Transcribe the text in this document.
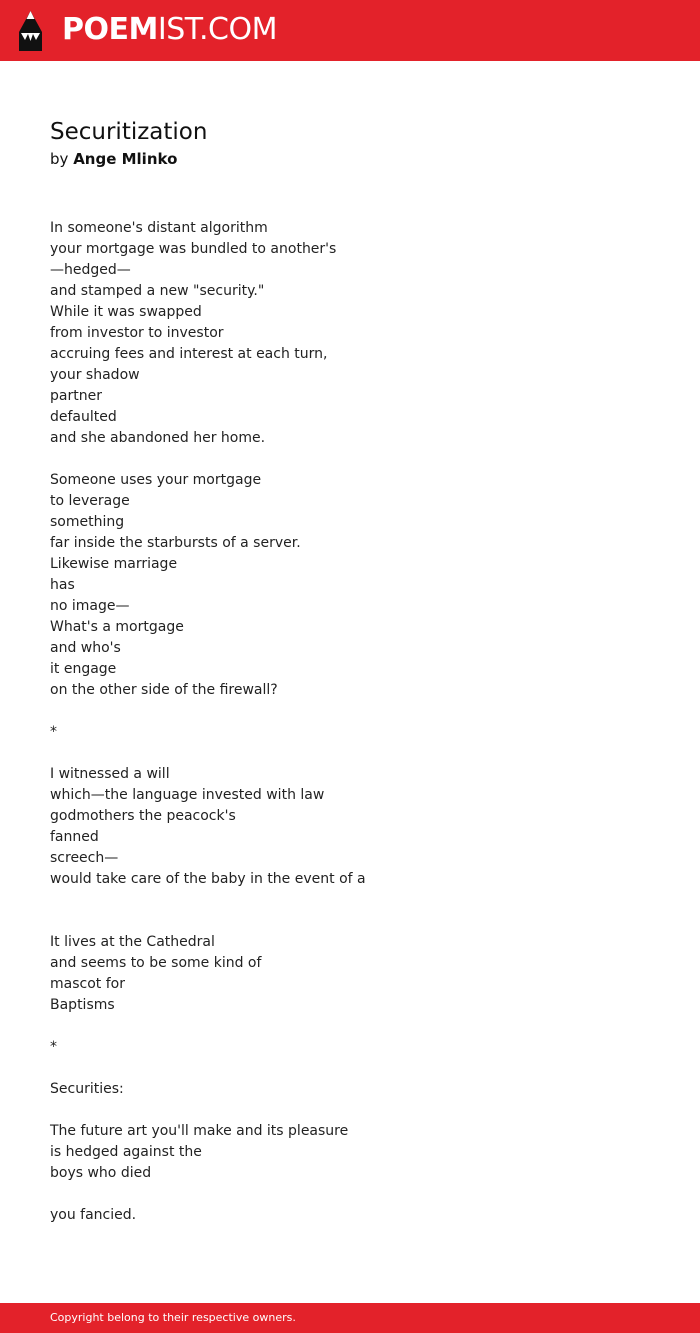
POEMIST.COM
Securitization
by Ange Mlinko
In someone's distant algorithm
your mortgage was bundled to another's
—hedged—
and stamped a new "security."
While it was swapped
from investor to investor
accruing fees and interest at each turn,
your shadow
partner
defaulted
and she abandoned her home.
Someone uses your mortgage
to leverage
something
far inside the starbursts of a server.
Likewise marriage
has
no image—
What's a mortgage
and who's
it engage
on the other side of the firewall?
*
I witnessed a will
which—the language invested with law
godmothers the peacock's
fanned
screech—
would take care of the baby in the event of a
It lives at the Cathedral
and seems to be some kind of
mascot for
Baptisms
*
Securities:
The future art you'll make and its pleasure
is hedged against the
boys who died
you fancied.
Copyright belong to their respective owners.
